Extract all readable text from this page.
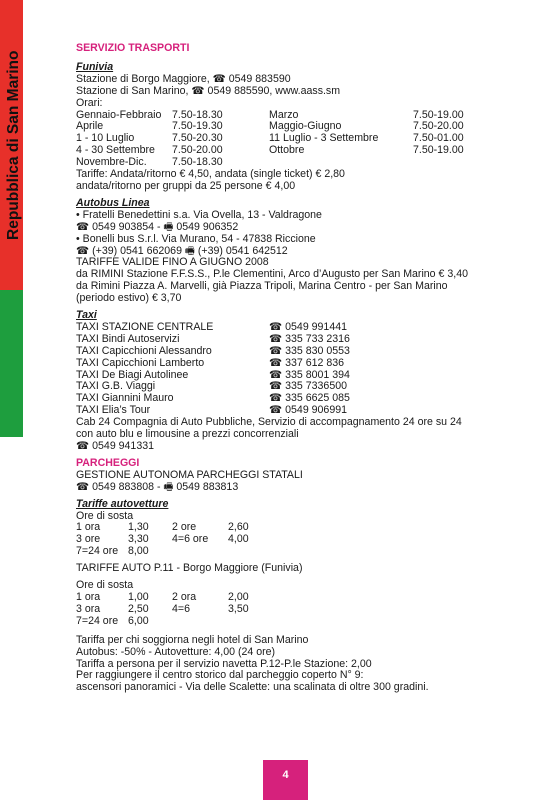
Repubblica di San Marino
SERVIZIO TRASPORTI
Funivia
Stazione di Borgo Maggiore, ☎ 0549 883590
Stazione di San Marino, ☎ 0549 885590, www.aass.sm
Orari:
Gennaio-Febbraio 7.50-18.30	Marzo	7.50-19.00
Aprile	7.50-19.30	Maggio-Giugno	7.50-20.00
1 - 10 Luglio	7.50-20.30	11 Luglio - 3 Settembre	7.50-01.00
4 - 30 Settembre	7.50-20.00	Ottobre	7.50-19.00
Novembre-Dic.	7.50-18.30
Tariffe: Andata/ritorno € 4,50, andata (single ticket) € 2,80
andata/ritorno per gruppi da 25 persone € 4,00
Autobus Linea
• Fratelli Benedettini s.a. Via Ovella, 13 - Valdragone
☎ 0549 903854 - 🖷 0549 906352
• Bonelli bus S.r.l. Via Murano, 54 - 47838 Riccione
☎ (+39) 0541 662069 🖷 (+39) 0541 642512
TARIFFE VALIDE FINO A GIUGNO 2008
da RIMINI Stazione F.F.S.S., P.le Clementini, Arco d’Augusto per San Marino € 3,40
da Rimini Piazza A. Marvelli, già Piazza Tripoli, Marina Centro - per San Marino
(periodo estivo) € 3,70
Taxi
TAXI STAZIONE CENTRALE	☎ 0549 991441
TAXI Bindi Autoservizi	☎ 335 733 2316
TAXI Capicchioni Alessandro	☎ 335 830 0553
TAXI Capicchioni Lamberto	☎ 337 612 836
TAXI De Biagi Autolinee	☎ 335 8001 394
TAXI G.B. Viaggi	☎ 335 7336500
TAXI Giannini Mauro	☎ 335 6625 085
TAXI Elia’s Tour	☎ 0549 906991
Cab 24 Compagnia di Auto Pubbliche, Servizio di accompagnamento 24 ore su 24
con auto blu e limousine a prezzi concorrenziali
☎ 0549 941331
PARCHEGGI
GESTIONE AUTONOMA PARCHEGGI STATALI
☎ 0549 883808 - 🖷 0549 883813
Tariffe autovetture
Ore di sosta
1 ora	1,30	2 ore	2,60
3 ore	3,30	4=6 ore	4,00
7=24 ore 8,00
TARIFFE AUTO P.11 - Borgo Maggiore (Funivia)
Ore di sosta
1 ora	1,00	2 ora	2,00
3 ora	2,50	4=6	3,50
7=24 ore 6,00
Tariffa per chi soggiorna negli hotel di San Marino
Autobus: -50% - Autovetture: 4,00 (24 ore)
Tariffa a persona per il servizio navetta P.12-P.le Stazione: 2,00
Per raggiungere il centro storico dal parcheggio coperto N° 9:
ascensori panoramici - Via delle Scalette: una scalinata di oltre 300 gradini.
4
